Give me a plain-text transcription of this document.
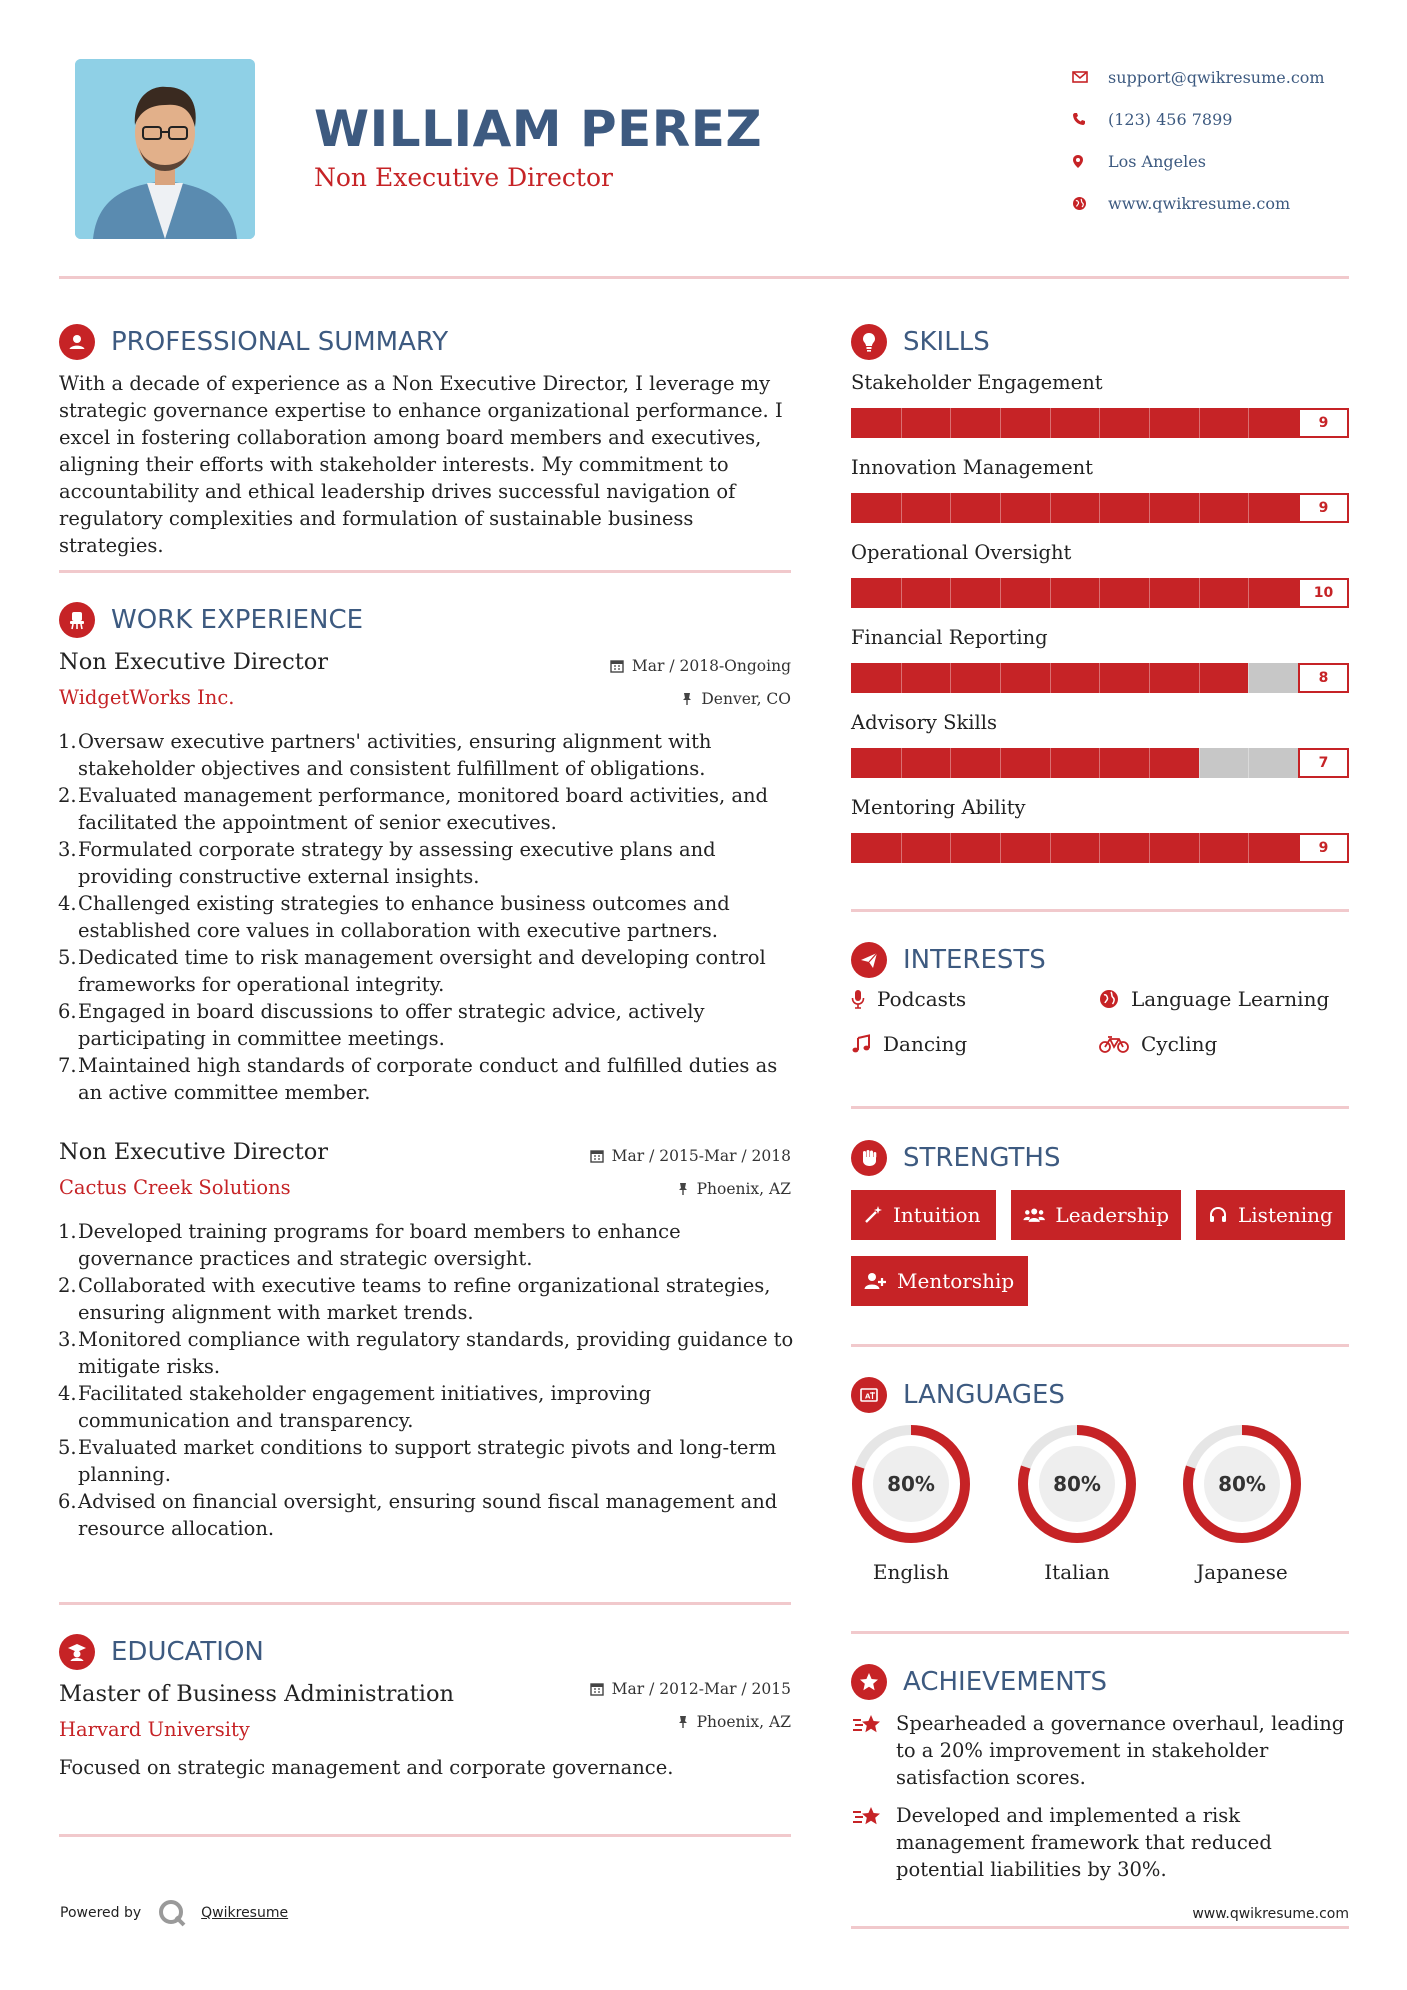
WILLIAM PEREZ
Non Executive Director
support@qwikresume.com
(123) 456 7899
Los Angeles
www.qwikresume.com
PROFESSIONAL SUMMARY
With a decade of experience as a Non Executive Director, I leverage my strategic governance expertise to enhance organizational performance. I excel in fostering collaboration among board members and executives, aligning their efforts with stakeholder interests. My commitment to accountability and ethical leadership drives successful navigation of regulatory complexities and formulation of sustainable business strategies.
WORK EXPERIENCE
Non Executive Director
WidgetWorks Inc.
Mar / 2018-Ongoing
Denver, CO
1. Oversaw executive partners' activities, ensuring alignment with stakeholder objectives and consistent fulfillment of obligations.
2. Evaluated management performance, monitored board activities, and facilitated the appointment of senior executives.
3. Formulated corporate strategy by assessing executive plans and providing constructive external insights.
4. Challenged existing strategies to enhance business outcomes and established core values in collaboration with executive partners.
5. Dedicated time to risk management oversight and developing control frameworks for operational integrity.
6. Engaged in board discussions to offer strategic advice, actively participating in committee meetings.
7. Maintained high standards of corporate conduct and fulfilled duties as an active committee member.
Non Executive Director
Cactus Creek Solutions
Mar / 2015-Mar / 2018
Phoenix, AZ
1. Developed training programs for board members to enhance governance practices and strategic oversight.
2. Collaborated with executive teams to refine organizational strategies, ensuring alignment with market trends.
3. Monitored compliance with regulatory standards, providing guidance to mitigate risks.
4. Facilitated stakeholder engagement initiatives, improving communication and transparency.
5. Evaluated market conditions to support strategic pivots and long-term planning.
6. Advised on financial oversight, ensuring sound fiscal management and resource allocation.
EDUCATION
Master of Business Administration
Harvard University
Mar / 2012-Mar / 2015
Phoenix, AZ
Focused on strategic management and corporate governance.
Powered by	Qwikresume
SKILLS
Stakeholder Engagement
9
Innovation Management
9
Operational Oversight
10
Financial Reporting
8
Advisory Skills
7
Mentoring Ability
9
INTERESTS
Podcasts	Language Learning
Dancing	Cycling
STRENGTHS
Intuition	Leadership	Listening
Mentorship
A LANGUAGES
80%
English
80%
Italian
80%
Japanese
ACHIEVEMENTS
Spearheaded a governance overhaul, leading to a 20% improvement in stakeholder satisfaction scores.
Developed and implemented a risk management framework that reduced potential liabilities by 30%.
www.qwikresume.com
